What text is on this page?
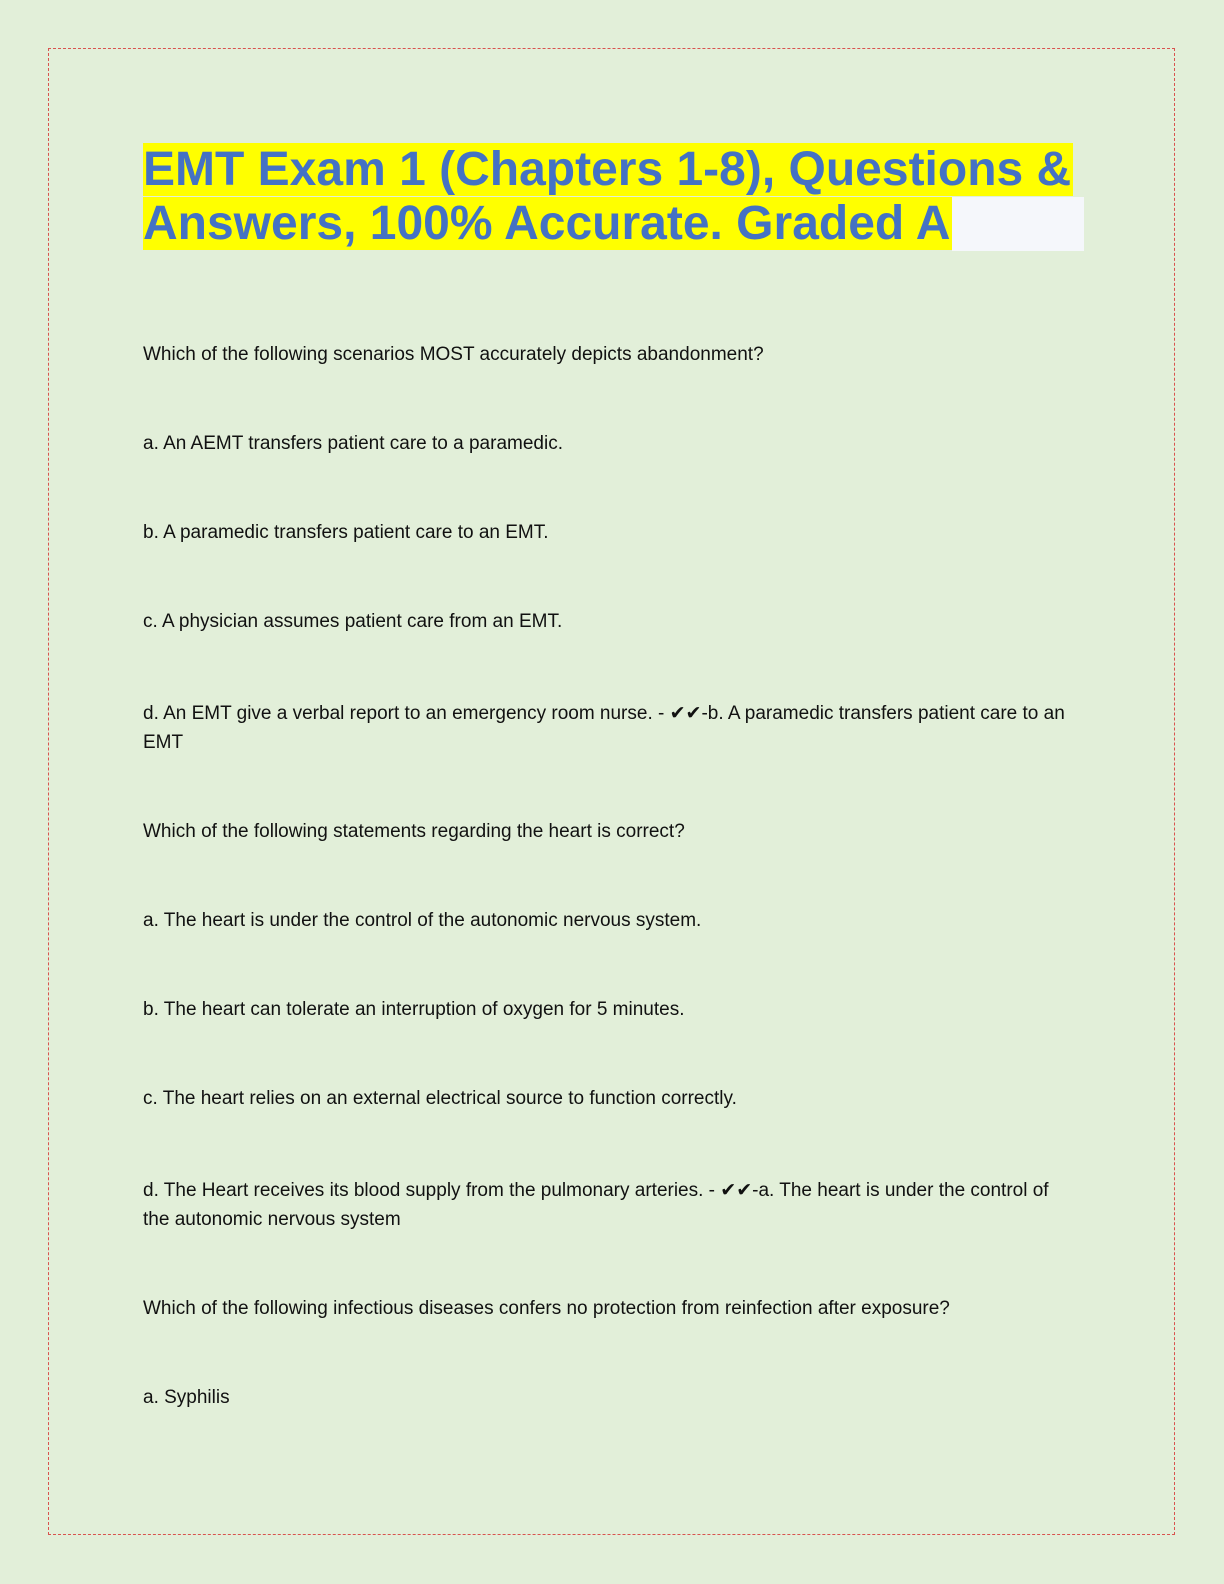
EMT Exam 1 (Chapters 1-8), Questions &
Answers, 100% Accurate. Graded A

Which of the following scenarios MOST accurately depicts abandonment?

a. An AEMT transfers patient care to a paramedic.

b. A paramedic transfers patient care to an EMT.

c. A physician assumes patient care from an EMT.

d. An EMT give a verbal report to an emergency room nurse. - ✔✔-b. A paramedic transfers patient care to an EMT

Which of the following statements regarding the heart is correct?

a. The heart is under the control of the autonomic nervous system.

b. The heart can tolerate an interruption of oxygen for 5 minutes.

c. The heart relies on an external electrical source to function correctly.

d. The Heart receives its blood supply from the pulmonary arteries. - ✔✔-a. The heart is under the control of the autonomic nervous system

Which of the following infectious diseases confers no protection from reinfection after exposure?

a. Syphilis
